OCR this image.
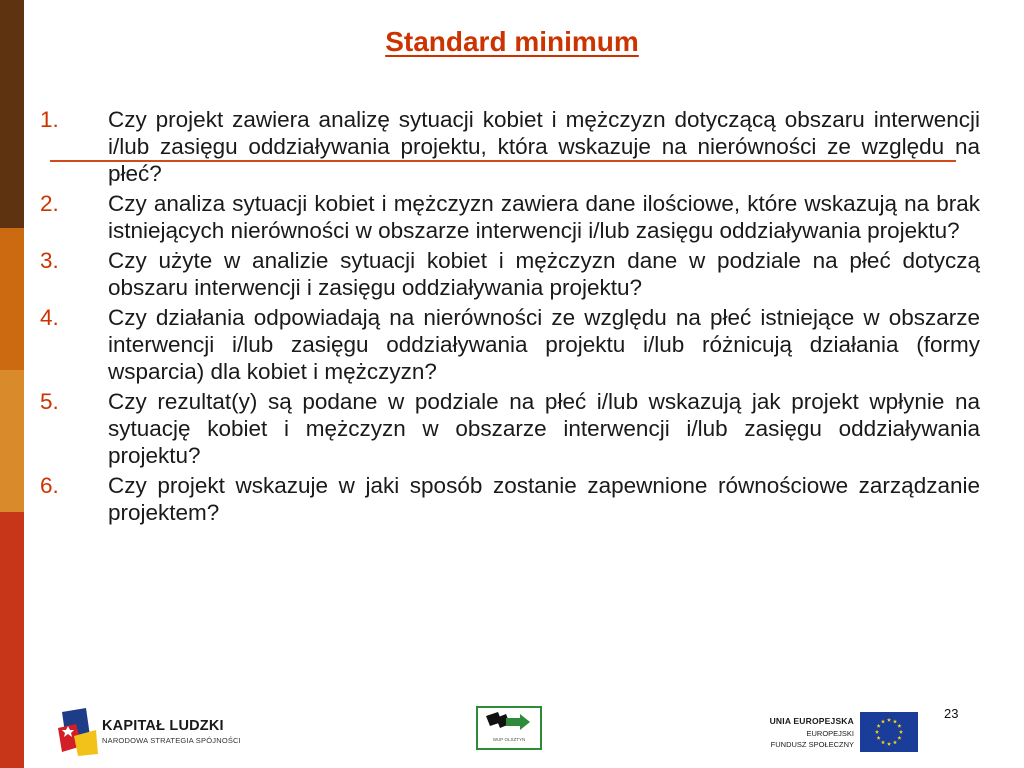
Standard minimum
1.	Czy projekt zawiera analizę sytuacji kobiet i mężczyzn dotyczącą obszaru interwencji i/lub zasięgu oddziaływania projektu, która wskazuje na nierówności ze względu na płeć?
2.	Czy analiza sytuacji kobiet i mężczyzn zawiera dane ilościowe, które wskazują na brak istniejących nierówności w obszarze interwencji i/lub zasięgu oddziaływania projektu?
3.	Czy użyte w analizie sytuacji kobiet i mężczyzn dane w podziale na płeć dotyczą obszaru interwencji i zasięgu oddziaływania projektu?
4.	Czy działania odpowiadają na nierówności ze względu na płeć istniejące w obszarze interwencji i/lub zasięgu oddziaływania projektu i/lub różnicują działania (formy wsparcia) dla kobiet i mężczyzn?
5.	Czy rezultat(y) są podane w podziale na płeć i/lub wskazują jak projekt wpłynie na sytuację kobiet i mężczyzn w obszarze interwencji i/lub zasięgu oddziaływania projektu?
6.	Czy projekt wskazuje w jaki sposób zostanie zapewnione równościowe zarządzanie projektem?
23
KAPITAŁ LUDZKI
NARODOWA STRATEGIA SPÓJNOŚCI	WUP OLSZTYN
UNIA EUROPEJSKA
EUROPEJSKI
FUNDUSZ SPOŁECZNY
